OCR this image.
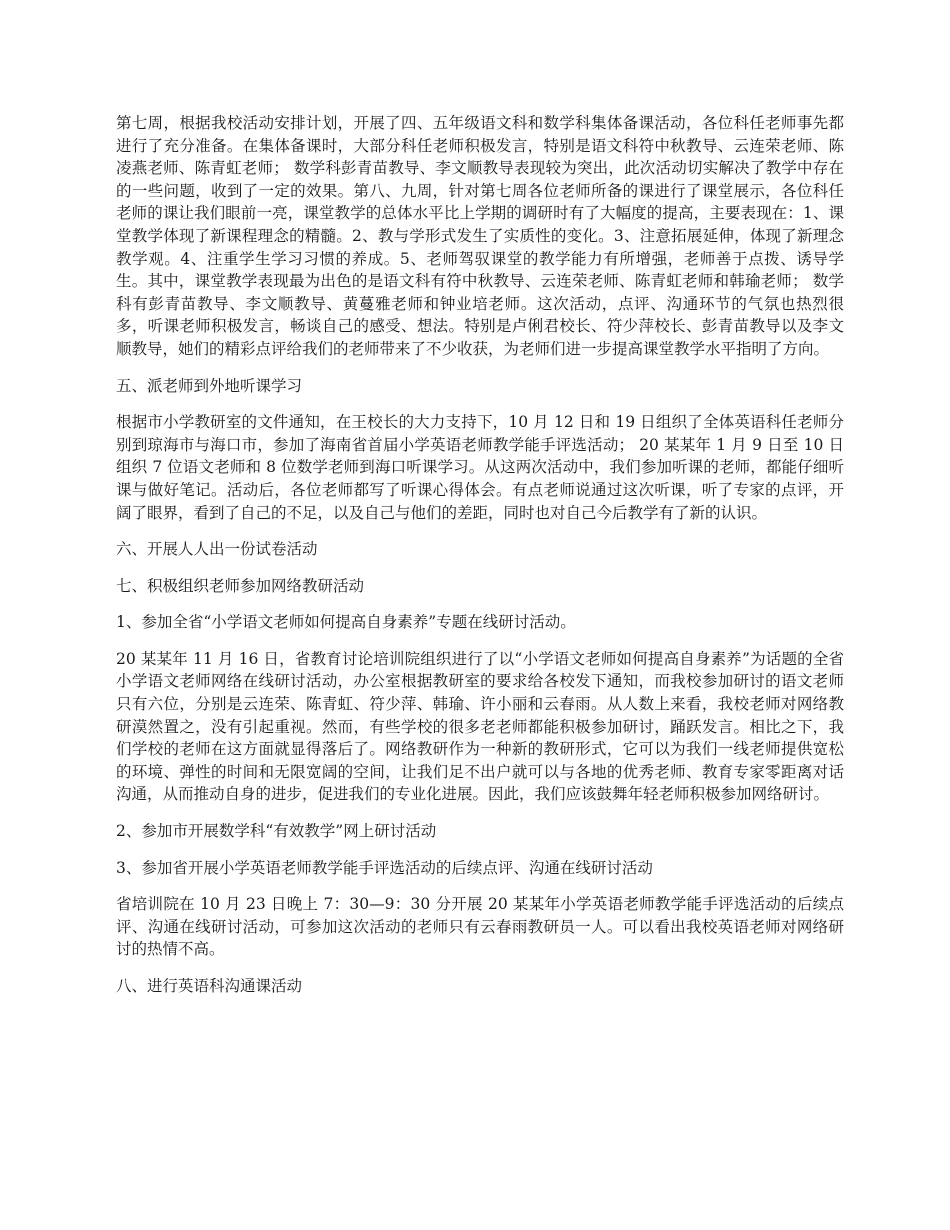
第七周，根据我校活动安排计划，开展了四、五年级语文科和数学科集体备课活动，各位科任老师事先都进行了充分准备。在集体备课时，大部分科任老师积极发言，特别是语文科符中秋教导、云连荣老师、陈凌燕老师、陈青虹老师； 数学科彭青苗教导、李文顺教导表现较为突出，此次活动切实解决了教学中存在的一些问题，收到了一定的效果。第八、九周，针对第七周各位老师所备的课进行了课堂展示，各位科任老师的课让我们眼前一亮，课堂教学的总体水平比上学期的调研时有了大幅度的提高，主要表现在：1、课堂教学体现了新课程理念的精髓。2、教与学形式发生了实质性的变化。3、注意拓展延伸，体现了新理念教学观。4、注重学生学习习惯的养成。5、老师驾驭课堂的教学能力有所增强，老师善于点拨、诱导学生。其中，课堂教学表现最为出色的是语文科有符中秋教导、云连荣老师、陈青虹老师和韩瑜老师； 数学科有彭青苗教导、李文顺教导、黄蔓雅老师和钟业培老师。这次活动，点评、沟通环节的气氛也热烈很多，听课老师积极发言，畅谈自己的感受、想法。特别是卢俐君校长、符少萍校长、彭青苗教导以及李文顺教导，她们的精彩点评给我们的老师带来了不少收获，为老师们进一步提高课堂教学水平指明了方向。

五、派老师到外地听课学习

根据市小学教研室的文件通知，在王校长的大力支持下，10 月 12 日和 19 日组织了全体英语科任老师分别到琼海市与海口市，参加了海南省首届小学英语老师教学能手评选活动； 20 某某年 1 月 9 日至 10 日组织 7 位语文老师和 8 位数学老师到海口听课学习。从这两次活动中，我们参加听课的老师，都能仔细听课与做好笔记。活动后，各位老师都写了听课心得体会。有点老师说通过这次听课，听了专家的点评，开阔了眼界，看到了自己的不足，以及自己与他们的差距，同时也对自己今后教学有了新的认识。

六、开展人人出一份试卷活动

七、积极组织老师参加网络教研活动

1、参加全省“小学语文老师如何提高自身素养”专题在线研讨活动。

20 某某年 11 月 16 日，省教育讨论培训院组织进行了以“小学语文老师如何提高自身素养”为话题的全省小学语文老师网络在线研讨活动，办公室根据教研室的要求给各校发下通知，而我校参加研讨的语文老师只有六位，分别是云连荣、陈青虹、符少萍、韩瑜、许小丽和云春雨。从人数上来看，我校老师对网络教研漠然置之，没有引起重视。然而，有些学校的很多老老师都能积极参加研讨，踊跃发言。相比之下，我们学校的老师在这方面就显得落后了。网络教研作为一种新的教研形式，它可以为我们一线老师提供宽松的环境、弹性的时间和无限宽阔的空间，让我们足不出户就可以与各地的优秀老师、教育专家零距离对话沟通，从而推动自身的进步，促进我们的专业化进展。因此，我们应该鼓舞年轻老师积极参加网络研讨。

2、参加市开展数学科“有效教学”网上研讨活动

3、参加省开展小学英语老师教学能手评选活动的后续点评、沟通在线研讨活动

省培训院在 10 月 23 日晚上 7：30—9：30 分开展 20 某某年小学英语老师教学能手评选活动的后续点评、沟通在线研讨活动，可参加这次活动的老师只有云春雨教研员一人。可以看出我校英语老师对网络研讨的热情不高。

八、进行英语科沟通课活动
